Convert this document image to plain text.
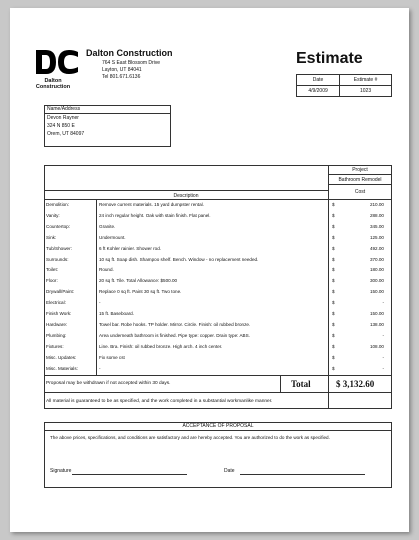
Dalton Construction
Dalton Construction
764 S East Blossom Drive
Layton, UT 84041
Tel 801.671.6136
Estimate
Date	Estimate #
4/9/2009	1023
Name/Address
Devon Rayner
324 N 850 E
Orem, UT 84097
Project
Bathroom Remodel
Cost
Description
Demolition:	Remove current materials. 15 yard dumpster rental.	$	210.00
Vanity:	24 inch regular height. Oak with stain finish. Flat panel.	$	288.00
Countertop:	Granite.	$	345.00
Sink:	Undermount.	$	125.00
Tub/Shower:	6 ft Kohler rainier. Shower rod.	$	492.00
Surrounds:	10 sq ft. Soap dish. Shampoo shelf. Bench. Window - no replacement needed.	$	370.00
Toilet:	Round.	$	180.00
Floor:	20 sq ft. Tile. Total Allowance: $500.00	$	300.00
Drywall/Paint:	Replace 0 sq ft. Paint 30 sq ft. Two tone.	$	150.00
Electrical:	-	$	-
Finish Work:	15 ft. Baseboard.	$	150.00
Hardware:	Towel bar. Robe hooks. TP holder. Mirror. Circle. Finish: oil rubbed bronze.	$	138.00
Plumbing:	Area underneath bathroom is finished. Pipe type: copper. Drain type: ABS.	$	-
Fixtures:	Line. Bra. Finish: oil rubbed bronze. High arch. 4 inch center.	$	108.00
Misc. Updates:	Fix some cst	$	-
Misc. Materials:	-	$	-
Proposal may be withdrawn if not accepted within 30 days.	Total	$ 3,132.60
All material is guaranteed to be as specified, and the work completed in a substantial workmanlike manner.
ACCEPTANCE OF PROPOSAL
The above prices, specifications, and conditions are satisfactory and are hereby accepted. You are authorized to do the work as specified.
Signature	Date
